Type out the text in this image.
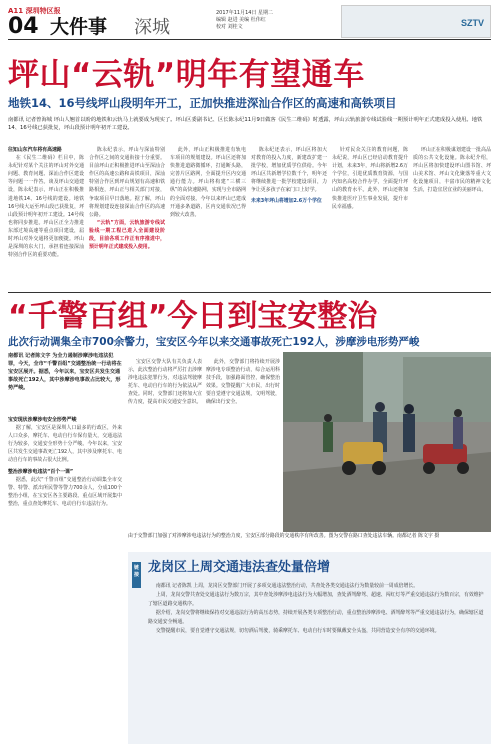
A11 深圳特区报
04 大件事 深城
2017年11月14日 星期二
编辑 赵进 美编 杜伟红
校对 刘桂文	SZTV
坪山“云轨”明年有望通车
地铁14、16号线坪山段明年开工，正加快推进深汕合作区的高速和高铁项目
南都讯 记者曾海城 坪山人翘首以盼的地铁和云轨马上就要成为现实了。坪山区委副书记、区长陈永纪11月9日做客《民生二维码》时透露，坪山云轨旅游专线试验线一期预计明年正式建成投入使用。地铁14、16号线已获批复，坪山段预计明年初开工建设。
往知山东汽车将有高速路

在《民生二维码》栏目中，陈永纪针对某个关注的坪山对外交通问题、教育问题、深汕合作区建设等问题一一作答。谈及坪山交通建设，陈永纪表示，坪山正在积极推进地铁14、16号线的建设。地铁16号线大运至坪山段已获批复，坪山段预计明年初开工建设。14号线也将同步推进。坪山区正全力推进东部过境高速等重点项目建设，届时坪山对外交通将更加便捷。坪山是深圳的东大门，承担着连接深汕特别合作区的重要功能。

陈永纪表示，坪山与深汕特别合作区之间的交通衔接十分重要。目前坪山正积极推进坪山至深汕合作区的高速公路和高铁项目，深汕特别合作区到坪山规划有高速和铁路相连，坪山正与相关部门对接，争取项目早日落地。据了解，坪山将规划建设连接深汕合作区的高速公路。

“云轨”方面，云轨旅游专线试验线一期工程已进入全面建设阶段，目前各项工作正有序推进中，预计明年正式建成投入使用。

此外，坪山正积极推进有轨电车项目的规划建设。坪山区还将加快推进道路微循环，打通断头路，完善片区路网，全面提升区内交通通行能力。坪山将构建“三横三纵”的高快速路网，实现与全市路网的全面对接。今年以来坪山已建成开通多条道路，区内交通状况已得到较大改善。

陈永纪还表示，坪山区将加大对教育的投入力度，新建改扩建一批学校，增加优质学位供给。今年坪山区共新增学位数千个，明年还将继续推进一批学校建设项目，力争让更多孩子在家门口上好学。

未来3年坪山将增加2.6万个学位

针对民众关注的教育问题，陈永纪说，坪山区已经启动教育提升计划，未来3年，坪山将新增2.6万个学位，引进优质教育资源，与国内知名高校合作办学，全面提升坪山的教育水平。此外，坪山还将加快推进医疗卫生事业发展，提升市民幸福感。

坪山正在积极谋划建设一批高品质的公共文化设施。陈永纪介绍，坪山区将加快建设坪山图书馆、坪山美术馆、坪山文化聚落等重大文化设施项目，丰富市民的精神文化生活，打造宜居宜业的美丽坪山。

“千警百组”今日到宝安整治
此次行动调集全市700余警力，宝安区今年以来交通事故死亡192人，涉摩涉电形势严峻
南都讯 记者陈文字 为全力遏制涉摩涉电违法犯罪，今天，全市“千警百组”交通整治统一行动将在宝安区展开。据悉，今年以来，宝安区共发生交通事故死亡192人，其中涉摩涉电事故占比较大，形势严峻。
宝安现状涉摩涉电安全形势严峻

据了解，宝安区是深圳人口最多的行政区，外来人口众多，摩托车、电动自行车保有量大，交通违法行为较多，交通安全形势十分严峻。今年以来，宝安区共发生交通事故死亡192人，其中涉及摩托车、电动自行车的事故占很大比例。

整治涉摩涉电违法“百个一课”

据悉，此次“千警百组”交通整治行动调集全市交警、特警、派出所民警等警力700余人，分成100个整治小组，在宝安区各主要路段、重点区域开展集中整治，重点查处摩托车、电动自行车违法行为。

宝安区交警大队有关负责人表示，此次整治行动将严厉打击涉摩涉电违法犯罪行为，对违法驾驶摩托车、电动自行车的行为依法从严查处。同时，交警部门还将加大宣传力度，提高市民交通安全意识。

此外，交警部门将持续开展涉摩涉电专项整治行动，综合运用科技手段，加强路面管控，确保整治效果。交警提醒广大市民，出行时要自觉遵守交通法规，文明驾驶，确保出行安全。

由于交警部门加强了对涉摩涉电违法行为的整治力度，宝安区部分路段的交通秩序有所改善。图为交警在路口查处违法车辆。南都记者 陈文宇 摄
链接 龙岗区上周交通违法查处量倍增

南都讯 记者陈凯 上周，龙岗区交警部门开展了多项交通违法整治行动，共查处各类交通违法行为数量较前一周成倍增长。

上周，龙岗交警共查处交通违法行为数万宗，其中查处涉摩涉电违法行为大幅增加，查处酒驾醉驾、超速、闯红灯等严重交通违法行为数百宗，有效维护了辖区道路交通秩序。

据介绍，龙岗交警将继续保持对交通违法行为的高压态势，持续开展各类专项整治行动，重点整治涉摩涉电、酒驾醉驾等严重交通违法行为，确保辖区道路交通安全畅通。

交警提醒市民，要自觉遵守交通法规，切勿酒后驾驶，骑乘摩托车、电动自行车时要佩戴安全头盔，共同营造安全有序的交通环境。
